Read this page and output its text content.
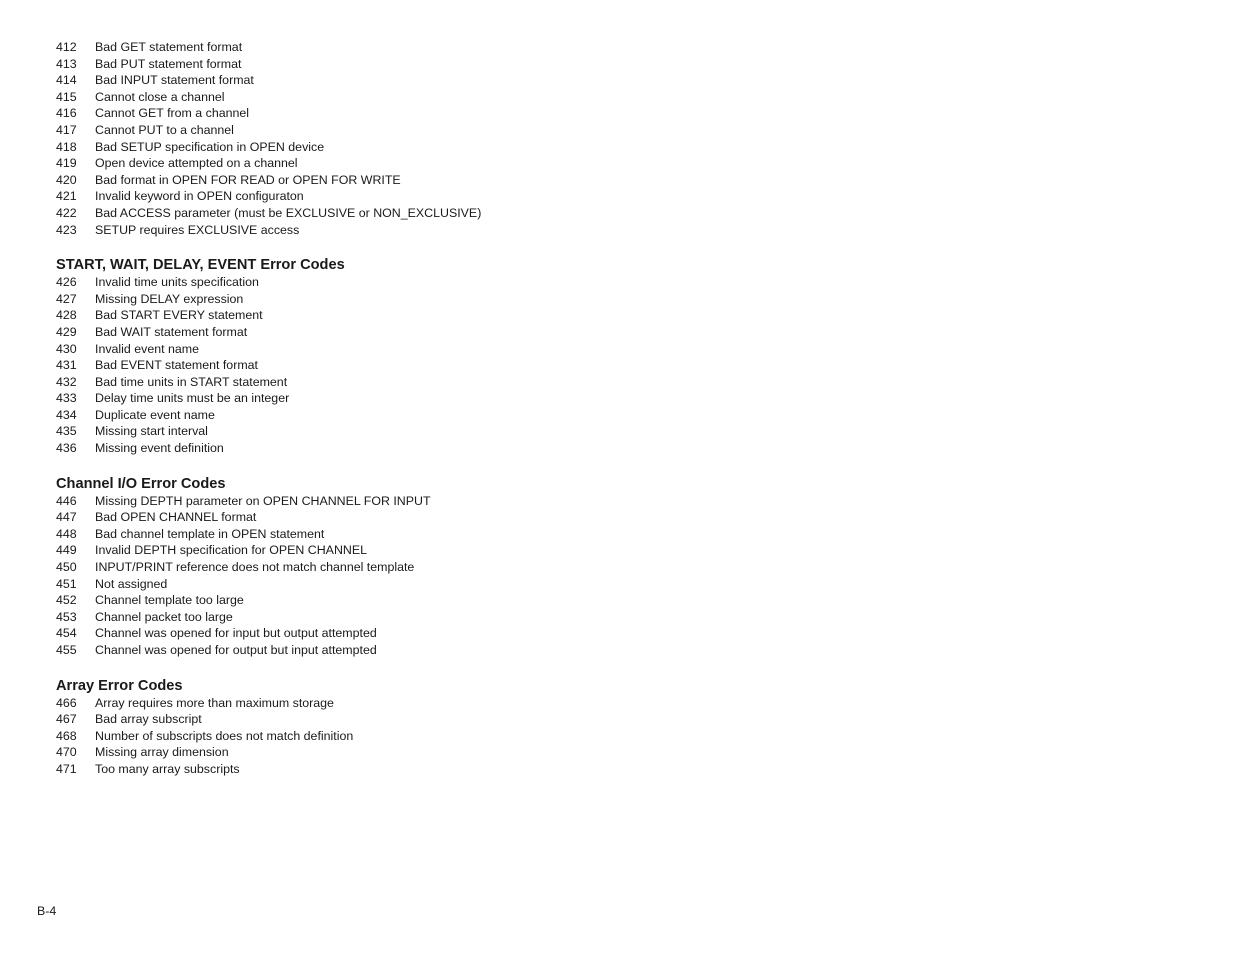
412	Bad GET statement format
413	Bad PUT statement format
414	Bad INPUT statement format
415	Cannot close a channel
416	Cannot GET from a channel
417	Cannot PUT to a channel
418	Bad SETUP specification in OPEN device
419	Open device attempted on a channel
420	Bad format in OPEN FOR READ or OPEN FOR WRITE
421	Invalid keyword in OPEN configuraton
422	Bad ACCESS parameter (must be EXCLUSIVE or NON_EXCLUSIVE)
423	SETUP requires EXCLUSIVE access
START, WAIT, DELAY, EVENT Error Codes
426	Invalid time units specification
427	Missing DELAY expression
428	Bad START EVERY statement
429	Bad WAIT statement format
430	Invalid event name
431	Bad EVENT statement format
432	Bad time units in START statement
433	Delay time units must be an integer
434	Duplicate event name
435	Missing start interval
436	Missing event definition
Channel I/O Error Codes
446	Missing DEPTH parameter on OPEN CHANNEL FOR INPUT
447	Bad OPEN CHANNEL format
448	Bad channel template in OPEN statement
449	Invalid DEPTH specification for OPEN CHANNEL
450	INPUT/PRINT reference does not match channel template
451	Not assigned
452	Channel template too large
453	Channel packet too large
454	Channel was opened for input but output attempted
455	Channel was opened for output but input attempted
Array Error Codes
466	Array requires more than maximum storage
467	Bad array subscript
468	Number of subscripts does not match definition
470	Missing array dimension
471	Too many array subscripts
B-4
